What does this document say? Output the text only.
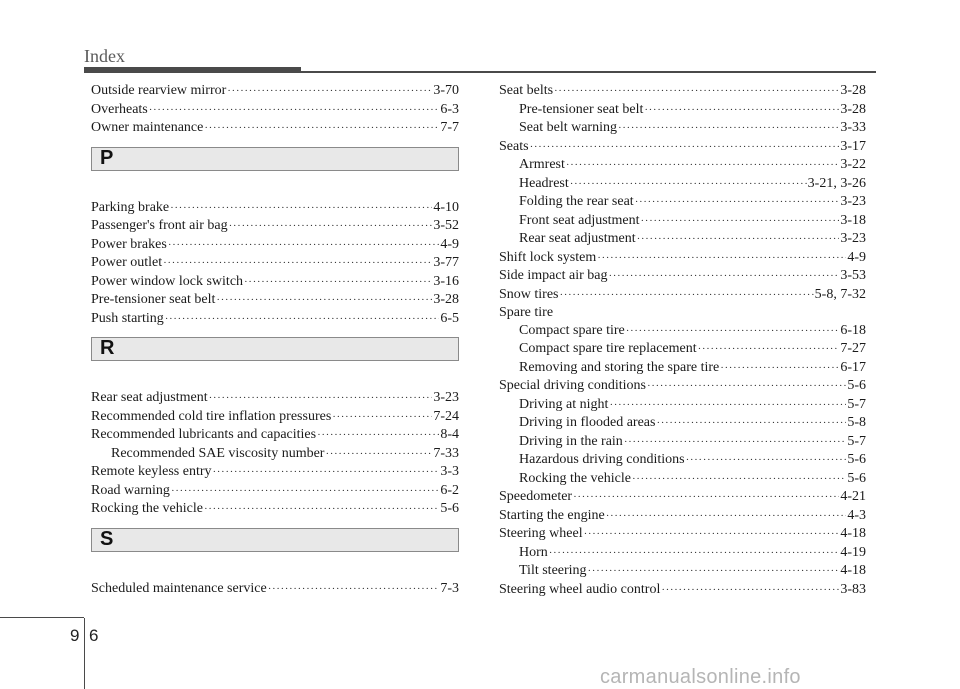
Index
Outside rearview mirror ·····	3-70
Overheats ·····	6-3
Owner maintenance ·····	7-7
P
Parking brake ·····	4-10
Passenger's front air bag ·····	3-52
Power brakes ·····	4-9
Power outlet ·····	3-77
Power window lock switch ·····	3-16
Pre-tensioner seat belt ·····	3-28
Push starting ·····	6-5
R
Rear seat adjustment ·····	3-23
Recommended cold tire inflation pressures ·····	7-24
Recommended lubricants and capacities ·····	8-4
Recommended SAE viscosity number ·····	7-33
Remote keyless entry ·····	3-3
Road warning ·····	6-2
Rocking the vehicle ·····	5-6
S
Scheduled maintenance service ·····	7-3
Seat belts ·····	3-28
Pre-tensioner seat belt ·····	3-28
Seat belt warning ·····	3-33
Seats ·····	3-17
Armrest ·····	3-22
Headrest ·····	3-21, 3-26
Folding the rear seat ·····	3-23
Front seat adjustment ·····	3-18
Rear seat adjustment ·····	3-23
Shift lock system ·····	4-9
Side impact air bag ·····	3-53
Snow tires ·····	5-8, 7-32
Spare tire
Compact spare tire ·····	6-18
Compact spare tire replacement ·····	7-27
Removing and storing the spare tire ·····	6-17
Special driving conditions ·····	5-6
Driving at night ·····	5-7
Driving in flooded areas ·····	5-8
Driving in the rain ·····	5-7
Hazardous driving conditions ·····	5-6
Rocking the vehicle ·····	5-6
Speedometer ·····	4-21
Starting the engine ·····	4-3
Steering wheel ·····	4-18
Horn ·····	4-19
Tilt steering ·····	4-18
Steering wheel audio control ·····	3-83
9 6
carmanualsonline.info
